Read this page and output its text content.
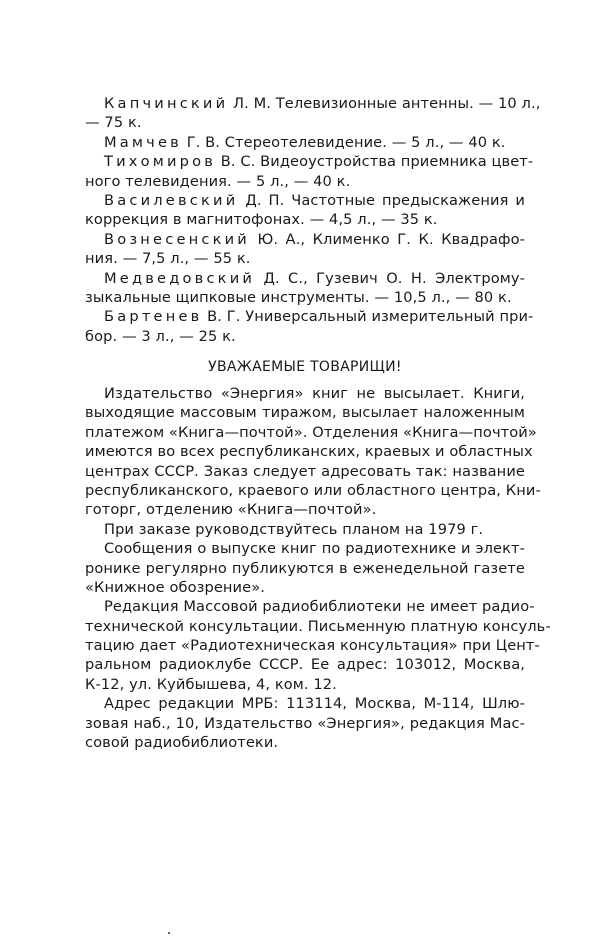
Капчинский Л. М. Телевизионные антенны. — 10 л.,
— 75 к.
Мамчев Г. В. Стереотелевидение. — 5 л., — 40 к.
Тихомиров В. С. Видеоустройства приемника цвет-
ного телевидения. — 5 л., — 40 к.
Василевский Д. П. Частотные предыскажения и
коррекция в магнитофонах. — 4,5 л., — 35 к.
Вознесенский Ю. А., Клименко Г. К. Квадрафо-
ния. — 7,5 л., — 55 к.
Медведовский Д. С., Гузевич О. Н. Электрому-
зыкальные щипковые инструменты. — 10,5 л., — 80 к.
Бартенев В. Г. Универсальный измерительный при-
бор. — 3 л., — 25 к.
УВАЖАЕМЫЕ ТОВАРИЩИ!
Издательство «Энергия» книг не высылает. Книги,
выходящие массовым тиражом, высылает наложенным
платежом «Книга—почтой». Отделения «Книга—почтой»
имеются во всех республиканских, краевых и областных
центрах СССР. Заказ следует адресовать так: название
республиканского, краевого или областного центра, Кни-
готорг, отделению «Книга—почтой».
При заказе руководствуйтесь планом на 1979 г.
Сообщения о выпуске книг по радиотехнике и элект-
ронике регулярно публикуются в еженедельной газете
«Книжное обозрение».
Редакция Массовой радиобиблиотеки не имеет радио-
технической консультации. Письменную платную консуль-
тацию дает «Радиотехническая консультация» при Цент-
ральном радиоклубе СССР. Ее адрес: 103012, Москва,
К-12, ул. Куйбышева, 4, ком. 12.
Адрес редакции МРБ: 113114, Москва, М-114, Шлю-
зовая наб., 10, Издательство «Энергия», редакция Мас-
совой радиобиблиотеки.
